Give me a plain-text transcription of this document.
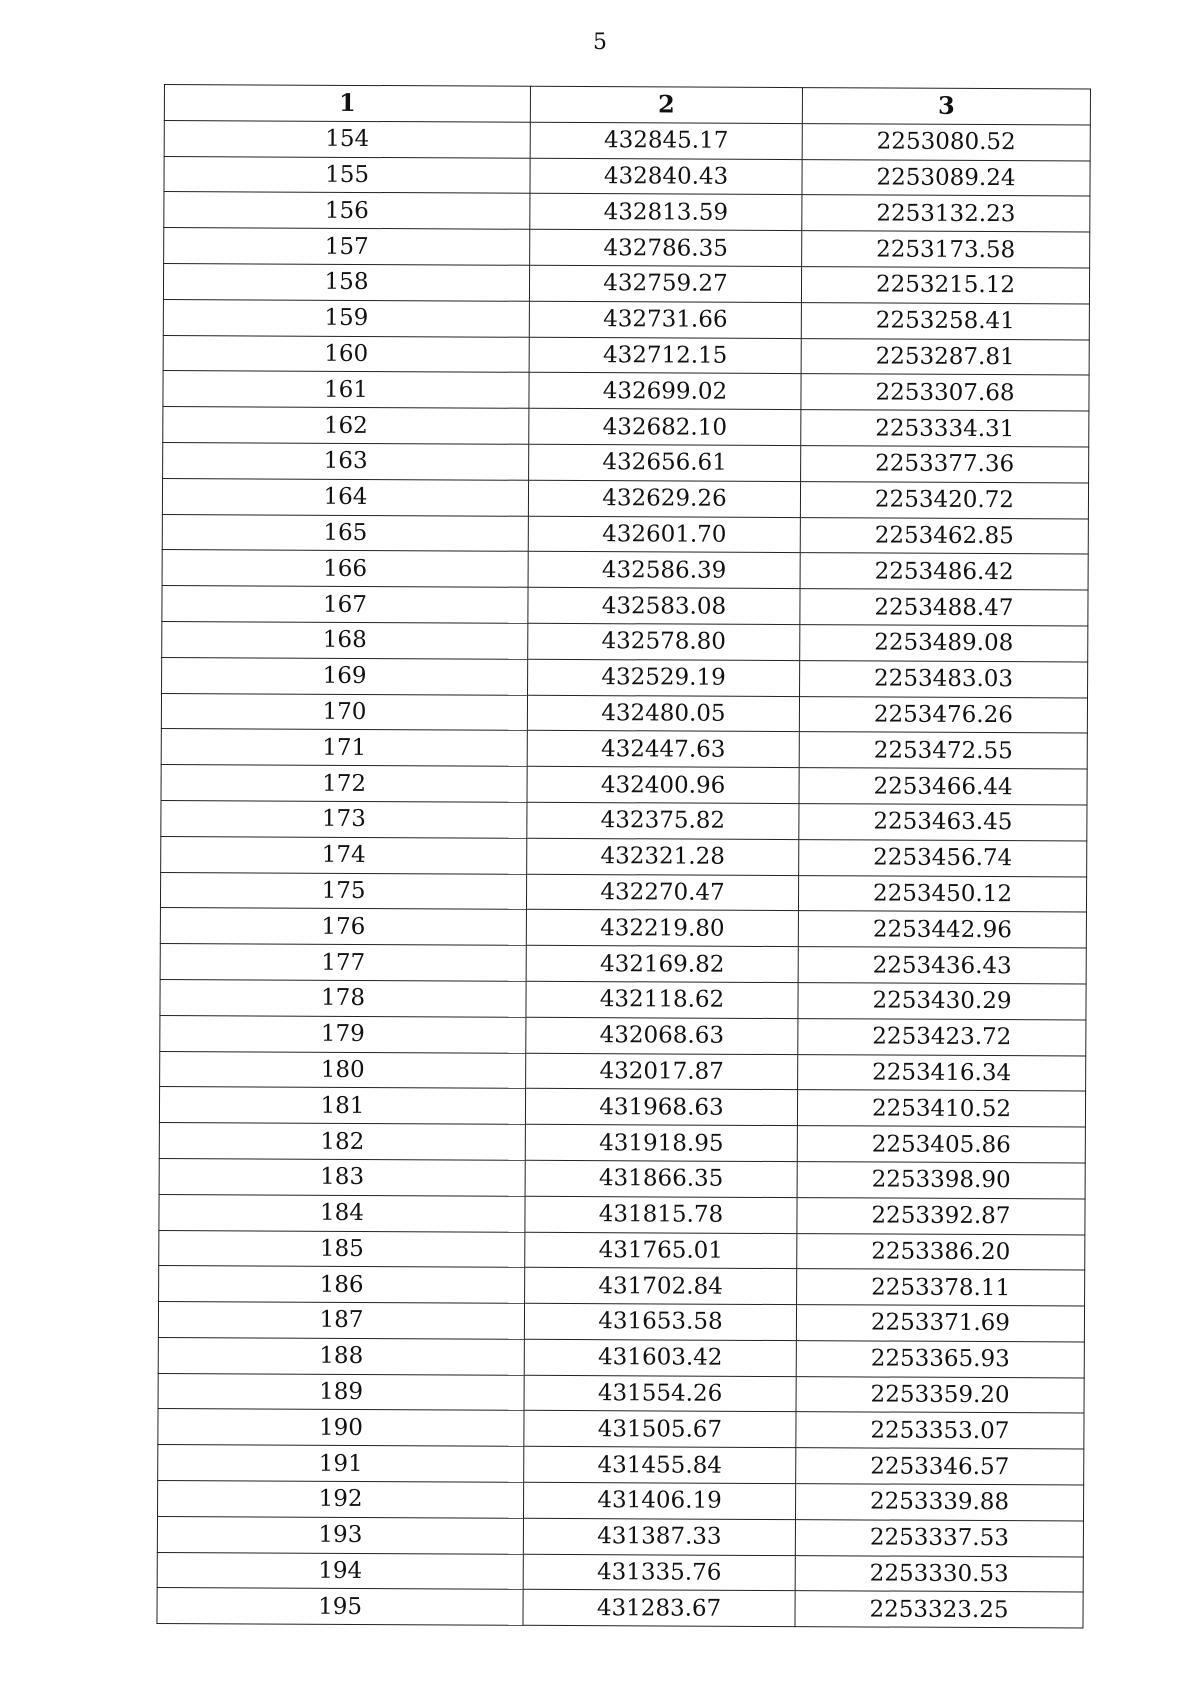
5
1	2	3
154	432845.17	2253080.52
155	432840.43	2253089.24
156	432813.59	2253132.23
157	432786.35	2253173.58
158	432759.27	2253215.12
159	432731.66	2253258.41
160	432712.15	2253287.81
161	432699.02	2253307.68
162	432682.10	2253334.31
163	432656.61	2253377.36
164	432629.26	2253420.72
165	432601.70	2253462.85
166	432586.39	2253486.42
167	432583.08	2253488.47
168	432578.80	2253489.08
169	432529.19	2253483.03
170	432480.05	2253476.26
171	432447.63	2253472.55
172	432400.96	2253466.44
173	432375.82	2253463.45
174	432321.28	2253456.74
175	432270.47	2253450.12
176	432219.80	2253442.96
177	432169.82	2253436.43
178	432118.62	2253430.29
179	432068.63	2253423.72
180	432017.87	2253416.34
181	431968.63	2253410.52
182	431918.95	2253405.86
183	431866.35	2253398.90
184	431815.78	2253392.87
185	431765.01	2253386.20
186	431702.84	2253378.11
187	431653.58	2253371.69
188	431603.42	2253365.93
189	431554.26	2253359.20
190	431505.67	2253353.07
191	431455.84	2253346.57
192	431406.19	2253339.88
193	431387.33	2253337.53
194	431335.76	2253330.53
195	431283.67	2253323.25
